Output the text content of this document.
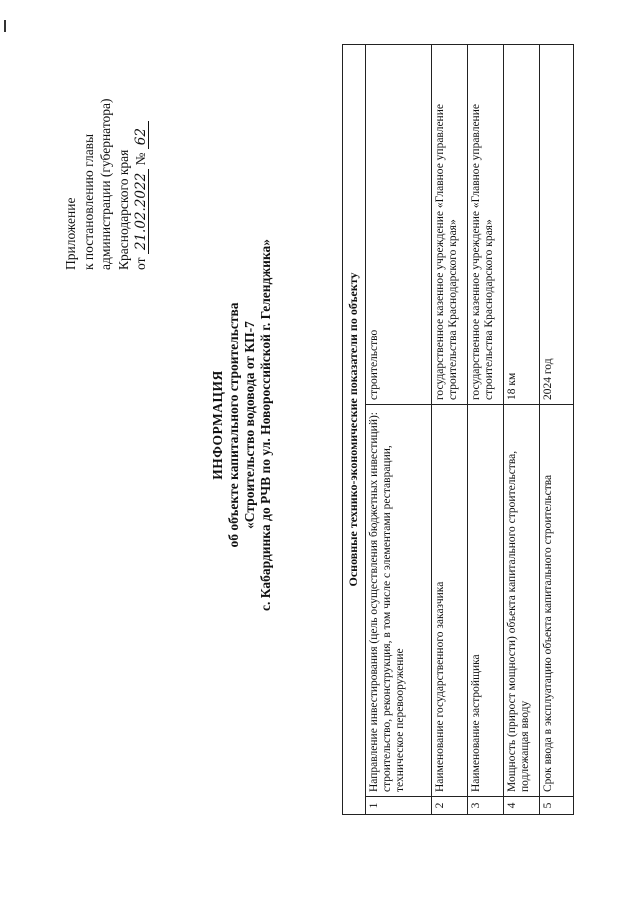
Приложение к постановлению главы администрации (губернатора) Краснодарского края от 21.02.2022 № 62
ИНФОРМАЦИЯ об объекте капитального строительства «Строительство водовода от КП-7 с. Кабардинка до РЧВ по ул. Новороссийской г. Геленджика»	Основные технико-экономические показатели по объекту		
1	Направление инвестирования (цель осуществления бюджетных инвестиций): строительство, реконструкция, в том числе с элементами реставрации, техническое перевооружение	строительство
2	Наименование государственного заказчика	государственное казенное учреждение «Главное управление строительства Краснодарского края»
3	Наименование застройщика	государственное казенное учреждение «Главное управление строительства Краснодарского края»
4	Мощность (прирост мощности) объекта капитального строительства, подлежащая вводу	18 км
5	Срок ввода в эксплуатацию объекта капитального строительства	2024 год
